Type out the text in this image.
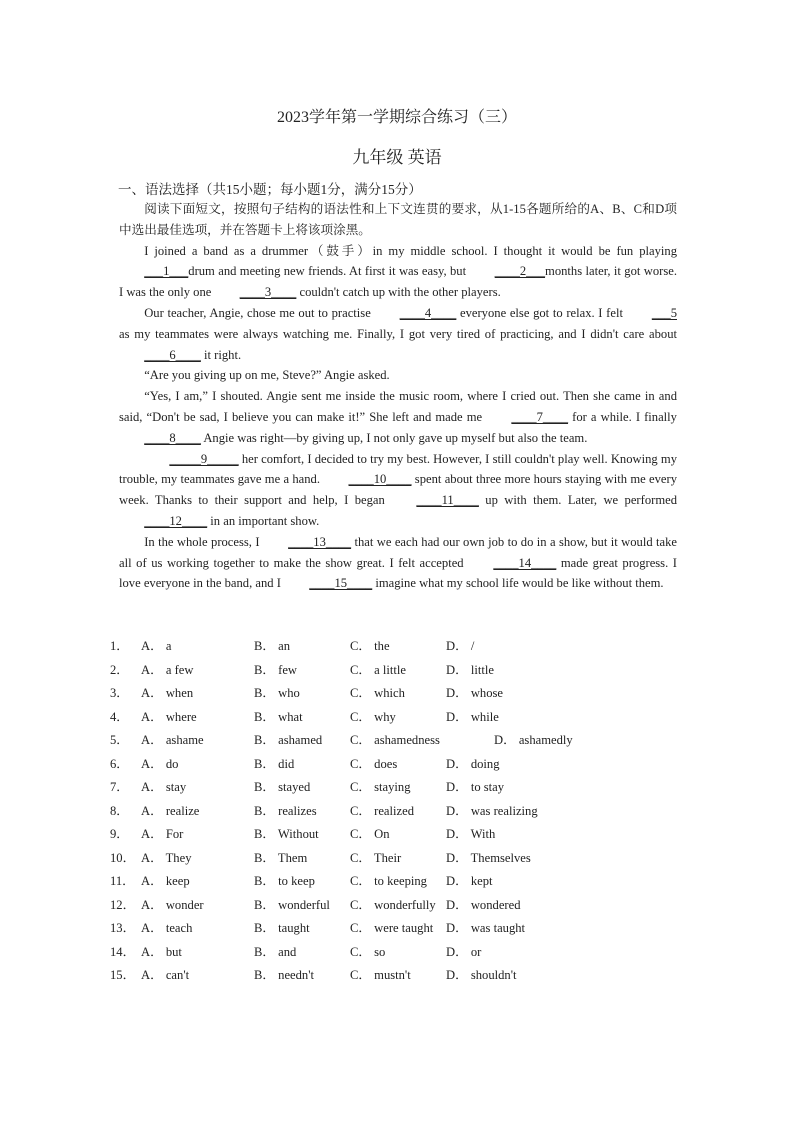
2023学年第一学期综合练习（三）
九年级 英语
一、语法选择（共15小题；每小题1分，满分15分）

阅读下面短文，按照句子结构的语法性和上下文连贯的要求，从1-15各题所给的A、B、C和D项中选出最佳选项，并在答题卡上将该项涂黑。

I joined a band as a drummer（鼓手）in my middle school. I thought it would be fun playing ___1___drum and meeting new friends. At first it was easy, but ____2___months later, it got worse. I was the only one ____3____ couldn't catch up with the other players.

Our teacher, Angie, chose me out to practise ____4____ everyone else got to relax. I felt ___5 as my teammates were always watching me. Finally, I got very tired of practicing, and I didn't care about ____6____ it right.

“Are you giving up on me, Steve?” Angie asked.

“Yes, I am,” I shouted. Angie sent me inside the music room, where I cried out. Then she came in and said, “Don't be sad, I believe you can make it!” She left and made me ____7____ for a while. I finally ____8____ Angie was right—by giving up, I not only gave up myself but also the team.

_____9_____ her comfort, I decided to try my best. However, I still couldn't play well. Knowing my trouble, my teammates gave me a hand. ____10____ spent about three more hours staying with me every week. Thanks to their support and help, I began ____11____ up with them. Later, we performed ____12____ in an important show.

In the whole process, I ____13____ that we each had our own job to do in a show, but it would take all of us working together to make the show great. I felt accepted ____14____ made great progress. I love everyone in the band, and I ____15____ imagine what my school life would be like without them.

1． A． a	B． an	C． the	D． /
2． A． a few	B． few	C． a little	D． little
3． A． when	B． who	C． which	D． whose
4． A． where	B． what	C． why	D． while
5． A． ashame	B． ashamed C． ashamedness	D． ashamedly
6． A． do	B． did	C． does	D． doing
7． A． stay	B． stayed	C． staying	D． to stay
8． A． realize	B． realizes	C． realized	D． was realizing
9． A． For	B． Without C． On	D． With
10． A． They	B． Them	C． Their	D． Themselves
11． A． keep	B． to keep	C． to keeping D． kept
12． A． wonder	B． wonderful C． wonderfully D． wondered
13． A． teach	B． taught	C． were taught D． was taught
14． A． but	B． and	C． so	D． or
15． A． can't	B． needn't	C． mustn't	D． shouldn't
